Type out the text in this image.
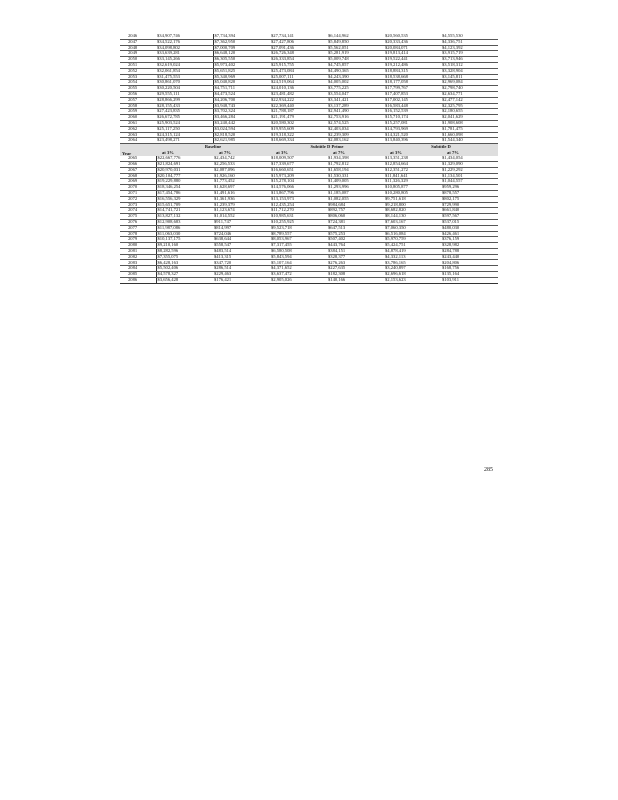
2046	$34,907,746	$7,734,394	$27,734,141	$6,144,962	$20,560,535	$4,555,530
2047	$34,522,176	$7,362,950	$27,427,806	$5,849,850	$20,333,436	$4,336,751
2048	$34,098,802	$7,000,709	$27,091,436	$5,562,051	$20,084,071	$4,123,392
2049	$33,639,281	$6,648,120	$26,726,348	$5,281,919	$19,813,414	$3,915,719
2050	$33,145,266	$6,305,550	$26,333,854	$5,009,748	$19,522,441	$3,713,946
2051	$32,619,024	$5,973,402	$25,915,755	$4,745,857	$19,212,486	$3,518,312
2052	$32,061,854	$5,651,825	$25,473,084	$4,490,365	$18,884,315	$3,328,904
2053	$31,475,553	$5,340,969	$25,007,111	$4,243,390	$18,538,668	$3,145,811
2054	$30,861,070	$5,040,820	$24,519,064	$4,005,002	$18,177,058	$2,969,084
2055	$30,220,504	$4,751,711	$24,010,136	$3,775,225	$17,799,767	$2,798,740
2056	$29,555,111	$4,473,524	$23,481,482	$3,554,047	$17,407,853	$2,634,771
2057	$28,866,299	$4,206,700	$22,934,222	$3,341,421	$17,002,145	$2,477,142
2058	$28,155,433	$3,948,743	$22,369,440	$3,137,289	$16,583,448	$2,325,795
2059	$27,423,835	$3,702,324	$21,788,187	$2,941,490	$16,152,539	$2,180,655
2060	$26,672,785	$3,466,284	$21,191,479	$2,753,916	$15,710,174	$2,041,629
2061	$25,903,524	$3,240,442	$20,580,302	$2,574,525	$15,257,081	$1,908,608
2062	$25,117,250	$3,024,594	$19,955,609	$2,403,034	$14,793,969	$1,781,475
2063	$24,315,124	$2,818,520	$19,318,322	$2,239,309	$14,321,520	$1,660,098
2064	$23,498,271	$2,621,985	$18,669,334	$2,083,162	$13,840,396	$1,544,340
Year	Baseline		Subtitle D Prime		Subtitle D	
	at 3%	at 7%	at 3%	at 7%	at 3%	at 7%
2065	$22,667,776	$2,434,742	$18,009,507	$1,934,398	$13,351,238	$1,434,054
2066	$21,824,691	$2,256,533	$17,339,677	$1,792,812	$12,854,664	$1,329,090
2067	$20,970,031	$2,087,096	$16,660,651	$1,658,194	$12,351,272	$1,229,292
2068	$20,104,777	$1,926,160	$15,973,209	$1,530,331	$11,841,641	$1,134,501
2069	$19,229,880	$1,773,452	$15,278,104	$1,409,005	$11,326,329	$1,044,557
2070	$18,346,254	$1,628,697	$14,576,066	$1,293,996	$10,805,877	$959,296
2071	$17,454,786	$1,491,616	$13,867,796	$1,185,087	$10,280,805	$878,557
2072	$16,556,329	$1,361,936	$13,153,973	$1,082,055	$9,751,618	$802,175
2073	$15,651,709	$1,239,379	$12,435,254	$984,684	$9,218,800	$729,990
2074	$14,741,721	$1,123,674	$11,712,270	$892,757	$8,682,820	$661,840
2075	$13,827,132	$1,014,552	$10,985,631	$806,060	$8,144,130	$597,567
2076	$12,908,683	$911,747	$10,255,925	$724,381	$7,603,167	$537,015
2077	$11,987,086	$814,997	$9,523,718	$647,513	$7,060,350	$480,030
2078	$11,063,030	$724,046	$8,789,557	$575,253	$6,516,084	$426,461
2079	$10,137,175	$638,644	$8,053,967	$507,402	$5,970,759	$376,159
2080	$9,210,160	$558,547	$7,317,455	$443,764	$5,424,751	$328,982
2081	$8,282,596	$483,514	$6,580,508	$384,151	$4,878,419	$284,788
2082	$7,355,075	$413,315	$5,843,594	$328,377	$4,332,113	$243,440
2083	$6,428,163	$347,720	$5,107,164	$276,263	$3,786,165	$204,806
2084	$5,502,406	$286,514	$4,371,652	$227,635	$3,240,897	$168,756
2085	$4,578,327	$229,463	$3,637,472	$182,308	$2,696,618	$135,164
2086	$3,656,428	$176,421	$2,905,026	$140,166	$2,153,623	$103,911
285
